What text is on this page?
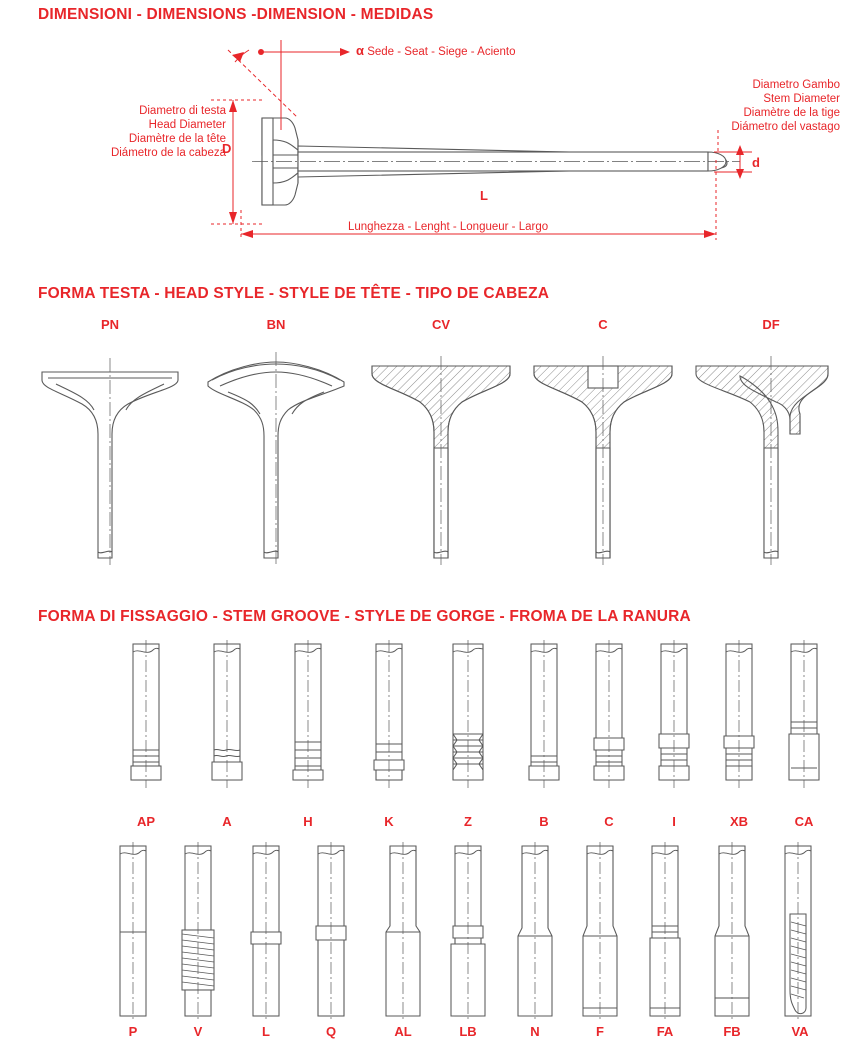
DIMENSIONI - DIMENSIONS -DIMENSION - MEDIDAS
α Sede - Seat - Siege - Aciento
Diametro di testa
Head Diameter
Diamètre de la tête
Diámetro de la cabeza
Diametro Gambo
Stem Diameter
Diamètre de la tige
Diámetro del vastago
D
d
L
Lunghezza - Lenght - Longueur - Largo
FORMA TESTA - HEAD STYLE - STYLE DE TÊTE - TIPO DE CABEZA
PN	BN	CV	C	DF
FORMA DI FISSAGGIO - STEM GROOVE - STYLE DE GORGE - FROMA DE LA RANURA
AP	A	H	K	Z	B	C	I	XB	CA
P	V	L	Q	AL	LB	N	F	FA	FB	VA
